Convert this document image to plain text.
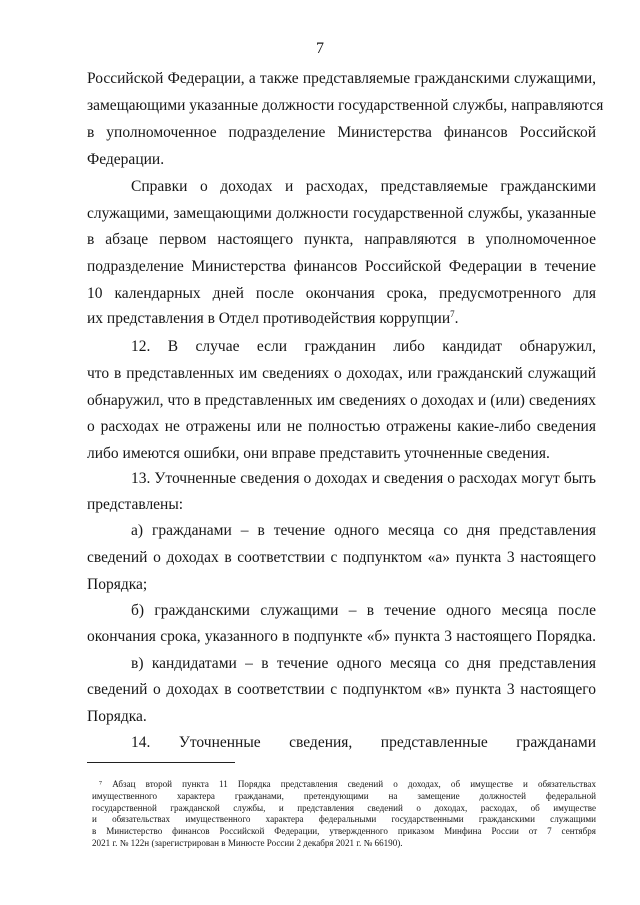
7
Российской Федерации, а также представляемые гражданскими служащими,
замещающими указанные должности государственной службы, направляются
в уполномоченное подразделение Министерства финансов Российской
Федерации.
Справки о доходах и расходах, представляемые гражданскими
служащими, замещающими должности государственной службы, указанные
в абзаце первом настоящего пункта, направляются в уполномоченное
подразделение Министерства финансов Российской Федерации в течение
10 календарных дней после окончания срока, предусмотренного для
их представления в Отдел противодействия коррупции$^7$.
12. В случае если гражданин либо кандидат обнаружил,
что в представленных им сведениях о доходах, или гражданский служащий
обнаружил, что в представленных им сведениях о доходах и (или) сведениях
о расходах не отражены или не полностью отражены какие-либо сведения
либо имеются ошибки, они вправе представить уточненные сведения.
13. Уточненные сведения о доходах и сведения о расходах могут быть
представлены:
а) гражданами – в течение одного месяца со дня представления
сведений о доходах в соответствии с подпунктом «а» пункта 3 настоящего
Порядка;
б) гражданскими служащими – в течение одного месяца после
окончания срока, указанного в подпункте «б» пункта 3 настоящего Порядка.
в) кандидатами – в течение одного месяца со дня представления
сведений о доходах в соответствии с подпунктом «в» пункта 3 настоящего
Порядка.
14. Уточненные сведения, представленные гражданами
⁷ Абзац второй пункта 11 Порядка представления сведений о доходах, об имуществе и обязательствах
имущественного характера гражданами, претендующими на замещение должностей федеральной
государственной гражданской службы, и представления сведений о доходах, расходах, об имуществе
и обязательствах имущественного характера федеральными государственными гражданскими служащими
в Министерство финансов Российской Федерации, утвержденного приказом Минфина России от 7 сентября
2021 г. № 122н (зарегистрирован в Минюсте России 2 декабря 2021 г. № 66190).
